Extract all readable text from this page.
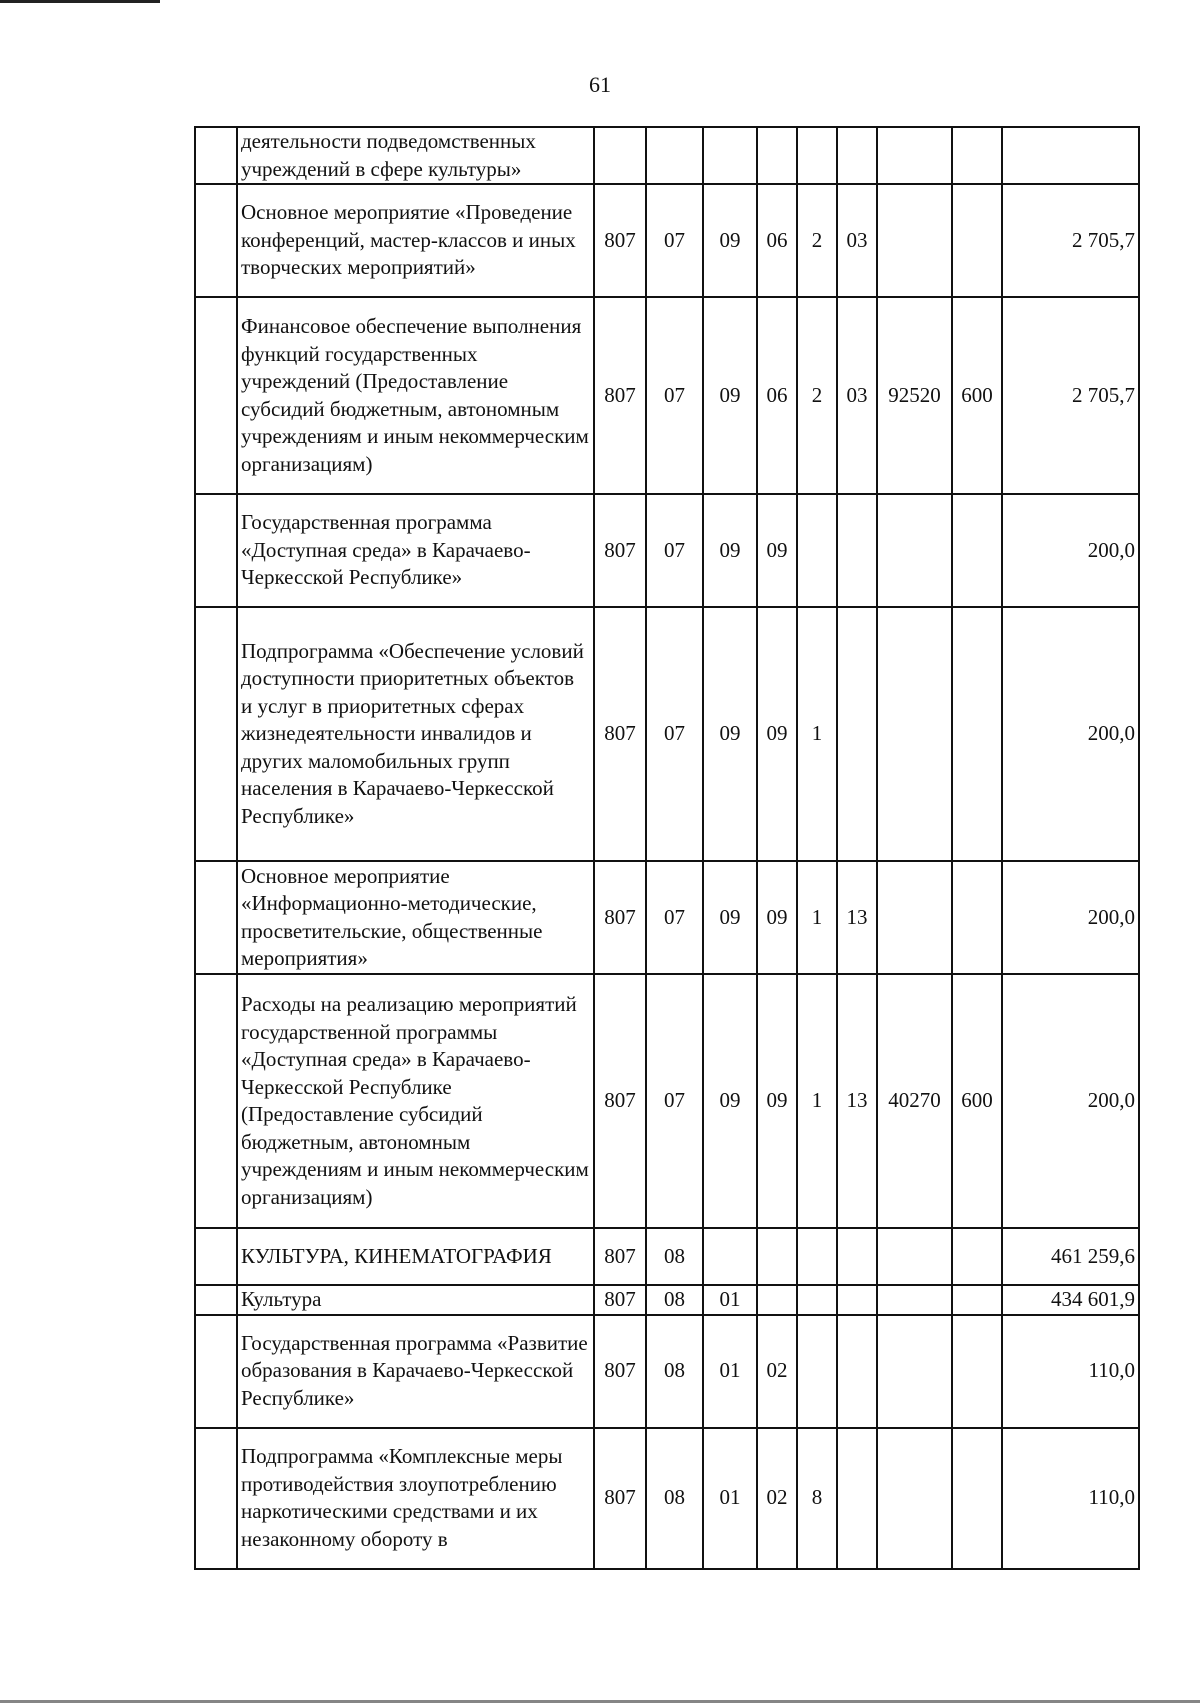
61
	деятельности подведомственных учреждений в сфере культуры»									
	Основное мероприятие «Проведение конференций, мастер-классов и иных творческих мероприятий»	807	07	09	06	2	03			2 705,7
	Финансовое обеспечение выполнения функций государственных учреждений (Предоставление субсидий бюджетным, автономным учреждениям и иным некоммерческим организациям)	807	07	09	06	2	03	92520	600	2 705,7
	Государственная программа «Доступная среда» в Карачаево-Черкесской Республике»	807	07	09	09					200,0
	Подпрограмма «Обеспечение условий доступности приоритетных объектов и услуг в приоритетных сферах жизнедеятельности инвалидов и других маломобильных групп населения в Карачаево-Черкесской Республике»	807	07	09	09	1				200,0
	Основное мероприятие «Информационно-методические, просветительские, общественные мероприятия»	807	07	09	09	1	13			200,0
	Расходы на реализацию мероприятий государственной программы «Доступная среда» в Карачаево-Черкесской Республике (Предоставление субсидий бюджетным, автономным учреждениям и иным некоммерческим организациям)	807	07	09	09	1	13	40270	600	200,0
	КУЛЬТУРА, КИНЕМАТОГРАФИЯ	807	08							461 259,6
	Культура	807	08	01						434 601,9
	Государственная программа «Развитие образования в Карачаево-Черкесской Республике»	807	08	01	02					110,0
	Подпрограмма «Комплексные меры противодействия злоупотреблению наркотическими средствами и их незаконному обороту в	807	08	01	02	8				110,0
